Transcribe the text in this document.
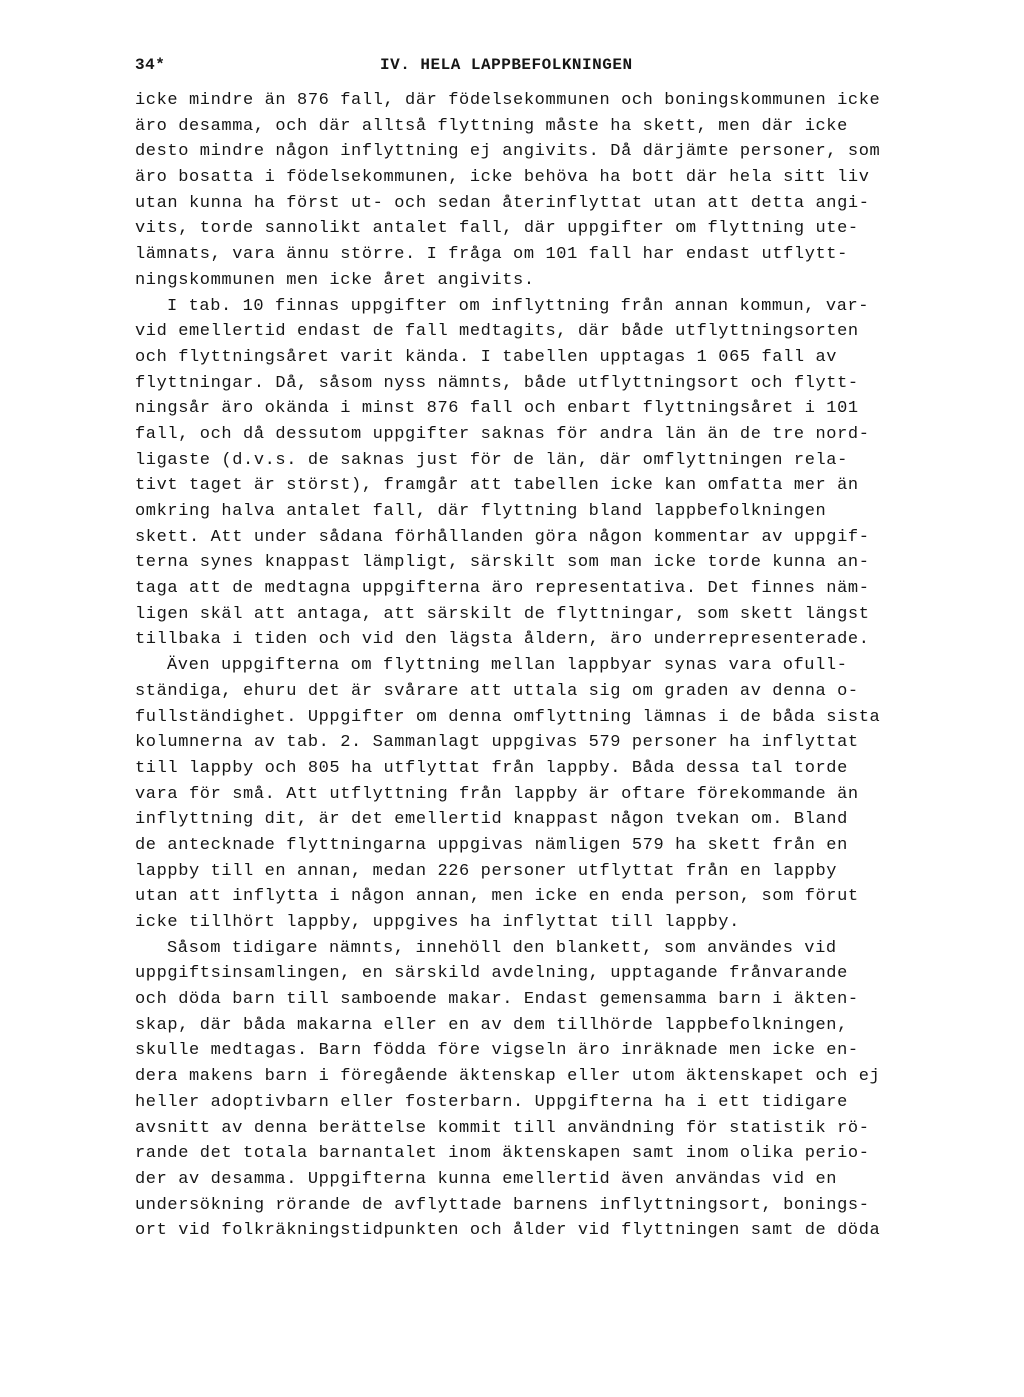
34*	IV. HELA LAPPBEFOLKNINGEN
icke mindre än 876 fall, där födelsekommunen och boningskommunen icke
äro desamma, och där alltså flyttning måste ha skett, men där icke
desto mindre någon inflyttning ej angivits. Då därjämte personer, som
äro bosatta i födelsekommunen, icke behöva ha bott där hela sitt liv
utan kunna ha först ut- och sedan återinflyttat utan att detta angi-
vits, torde sannolikt antalet fall, där uppgifter om flyttning ute-
lämnats, vara ännu större. I fråga om 101 fall har endast utflytt-
ningskommunen men icke året angivits.
I tab. 10 finnas uppgifter om inflyttning från annan kommun, var-
vid emellertid endast de fall medtagits, där både utflyttningsorten
och flyttningsåret varit kända. I tabellen upptagas 1 065 fall av
flyttningar. Då, såsom nyss nämnts, både utflyttningsort och flytt-
ningsår äro okända i minst 876 fall och enbart flyttningsåret i 101
fall, och då dessutom uppgifter saknas för andra län än de tre nord-
ligaste (d.v.s. de saknas just för de län, där omflyttningen rela-
tivt taget är störst), framgår att tabellen icke kan omfatta mer än
omkring halva antalet fall, där flyttning bland lappbefolkningen
skett. Att under sådana förhållanden göra någon kommentar av uppgif-
terna synes knappast lämpligt, särskilt som man icke torde kunna an-
taga att de medtagna uppgifterna äro representativa. Det finnes näm-
ligen skäl att antaga, att särskilt de flyttningar, som skett längst
tillbaka i tiden och vid den lägsta åldern, äro underrepresenterade.
Även uppgifterna om flyttning mellan lappbyar synas vara ofull-
ständiga, ehuru det är svårare att uttala sig om graden av denna o-
fullständighet. Uppgifter om denna omflyttning lämnas i de båda sista
kolumnerna av tab. 2. Sammanlagt uppgivas 579 personer ha inflyttat
till lappby och 805 ha utflyttat från lappby. Båda dessa tal torde
vara för små. Att utflyttning från lappby är oftare förekommande än
inflyttning dit, är det emellertid knappast någon tvekan om. Bland
de antecknade flyttningarna uppgivas nämligen 579 ha skett från en
lappby till en annan, medan 226 personer utflyttat från en lappby
utan att inflytta i någon annan, men icke en enda person, som förut
icke tillhört lappby, uppgives ha inflyttat till lappby.
Såsom tidigare nämnts, innehöll den blankett, som användes vid
uppgiftsinsamlingen, en särskild avdelning, upptagande frånvarande
och döda barn till samboende makar. Endast gemensamma barn i äkten-
skap, där båda makarna eller en av dem tillhörde lappbefolkningen,
skulle medtagas. Barn födda före vigseln äro inräknade men icke en-
dera makens barn i föregående äktenskap eller utom äktenskapet och ej
heller adoptivbarn eller fosterbarn. Uppgifterna ha i ett tidigare
avsnitt av denna berättelse kommit till användning för statistik rö-
rande det totala barnantalet inom äktenskapen samt inom olika perio-
der av desamma. Uppgifterna kunna emellertid även användas vid en
undersökning rörande de avflyttade barnens inflyttningsort, bonings-
ort vid folkräkningstidpunkten och ålder vid flyttningen samt de döda
